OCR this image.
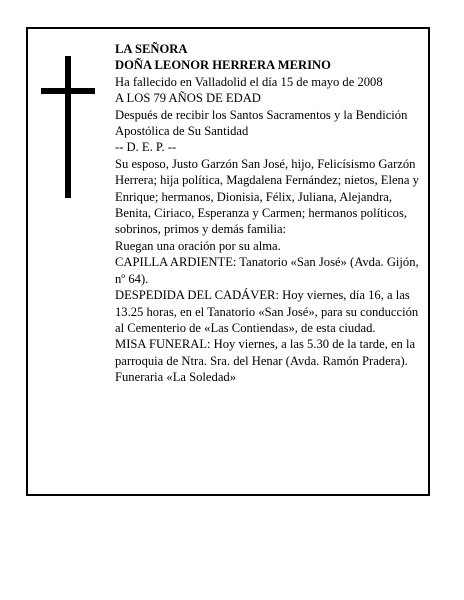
LA SEÑORA

DOÑA LEONOR HERRERA MERINO

Ha fallecido en Valladolid el día 15 de mayo de 2008

A LOS 79 AÑOS DE EDAD

Después de recibir los Santos Sacramentos y la Bendición Apostólica de Su Santidad

-- D. E. P. --

Su esposo, Justo Garzón San José, hijo, Felicísismo Garzón Herrera; hija política, Magdalena Fernández; nietos, Elena y Enrique; hermanos, Dionisia, Félix, Juliana, Alejandra, Benita, Ciriaco, Esperanza y Carmen; hermanos políticos, sobrinos, primos y demás familia:

Ruegan una oración por su alma.

CAPILLA ARDIENTE: Tanatorio «San José» (Avda. Gijón, nº 64).

DESPEDIDA DEL CADÁVER: Hoy viernes, día 16, a las 13.25 horas, en el Tanatorio «San José», para su conducción al Cementerio de «Las Contiendas», de esta ciudad.

MISA FUNERAL: Hoy viernes, a las 5.30 de la tarde, en la parroquia de Ntra. Sra. del Henar (Avda. Ramón Pradera).

Funeraria «La Soledad»
